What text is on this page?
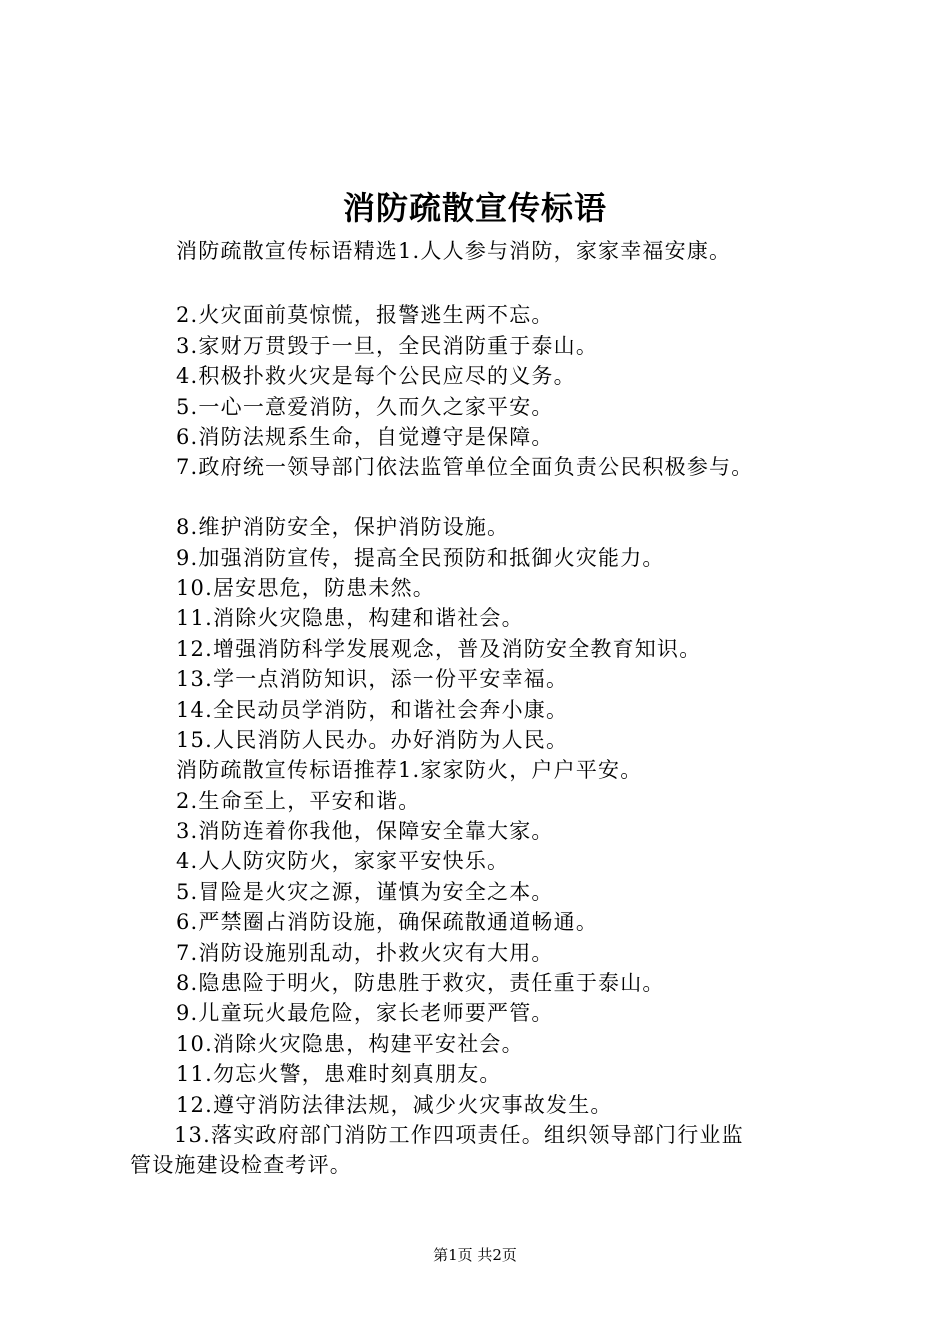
消防疏散宣传标语
消防疏散宣传标语精选1.人人参与消防，家家幸福安康。
2.火灾面前莫惊慌，报警逃生两不忘。
3.家财万贯毁于一旦，全民消防重于泰山。
4.积极扑救火灾是每个公民应尽的义务。
5.一心一意爱消防，久而久之家平安。
6.消防法规系生命，自觉遵守是保障。
7.政府统一领导部门依法监管单位全面负责公民积极参与。
8.维护消防安全，保护消防设施。
9.加强消防宣传，提高全民预防和抵御火灾能力。
10.居安思危，防患未然。
11.消除火灾隐患，构建和谐社会。
12.增强消防科学发展观念，普及消防安全教育知识。
13.学一点消防知识，添一份平安幸福。
14.全民动员学消防，和谐社会奔小康。
15.人民消防人民办。办好消防为人民。
消防疏散宣传标语推荐1.家家防火，户户平安。
2.生命至上，平安和谐。
3.消防连着你我他，保障安全靠大家。
4.人人防灾防火，家家平安快乐。
5.冒险是火灾之源，谨慎为安全之本。
6.严禁圈占消防设施，确保疏散通道畅通。
7.消防设施别乱动，扑救火灾有大用。
8.隐患险于明火，防患胜于救灾，责任重于泰山。
9.儿童玩火最危险，家长老师要严管。
10.消除火灾隐患，构建平安社会。
11.勿忘火警，患难时刻真朋友。
12.遵守消防法律法规，减少火灾事故发生。
13.落实政府部门消防工作四项责任。组织领导部门行业监
管设施建设检查考评。
第1页 共2页
